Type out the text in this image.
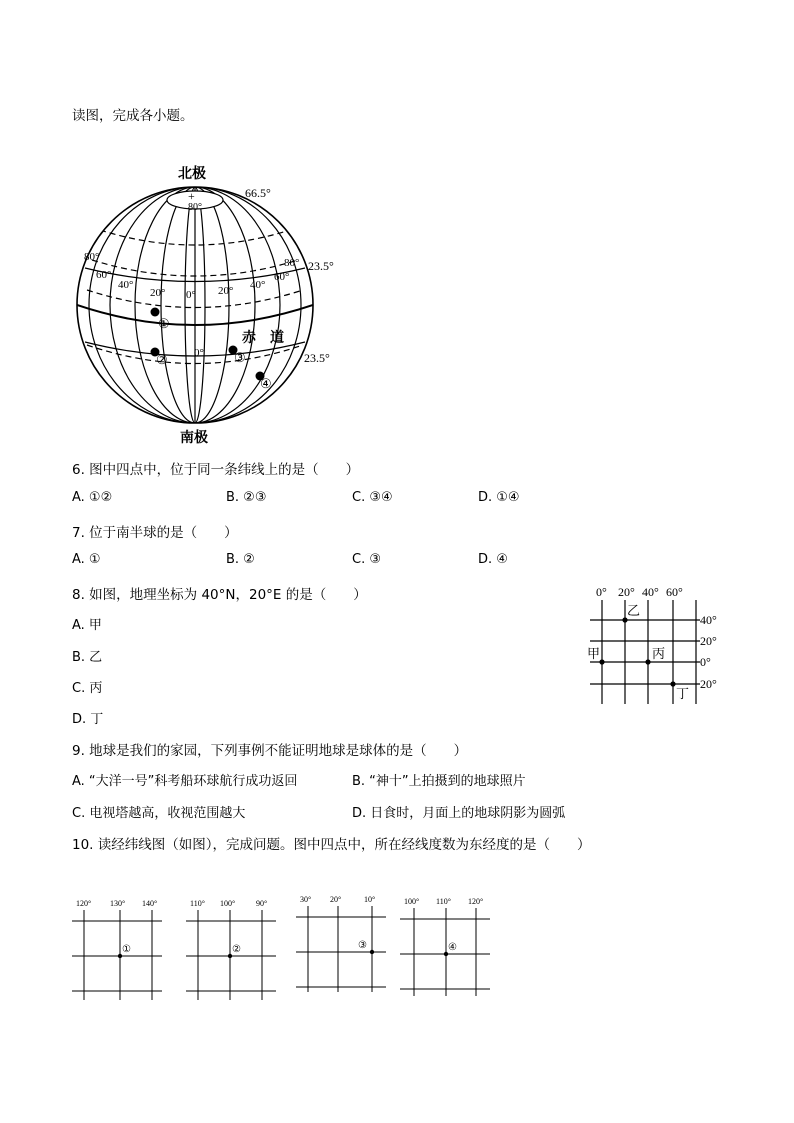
读图，完成各小题。
+
北极
南极
赤　道
66.5°
80°
23.5°
23.5°
80°
60°
40°
20° 0° 20° 40°
60°
80°
0°
①
②	③
④
6. 图中四点中，位于同一条纬线上的是（　　）
A. ①②	B. ②③	C. ③④	D. ①④
7. 位于南半球的是（　　）
A. ①	B. ②	C. ③	D. ④
8. 如图，地理坐标为 40°N，20°E 的是（　　）
A. 甲
B. 乙
C. 丙
D. 丁
0° 20° 40° 60°
40°
20°
0°
20°
乙
甲	丙
丁
9. 地球是我们的家园，下列事例不能证明地球是球体的是（　　）
A. “大洋一号”科考船环球航行成功返回	B. “神十”上拍摄到的地球照片
C. 电视塔越高，收视范围越大	D. 日食时，月面上的地球阴影为圆弧
10. 读经纬线图（如图），完成问题。图中四点中，所在经线度数为东经度的是（　　）
120° 130° 140°
①
110° 100°	90°
②
30° 20°	10°
③
100° 110° 120°
④
